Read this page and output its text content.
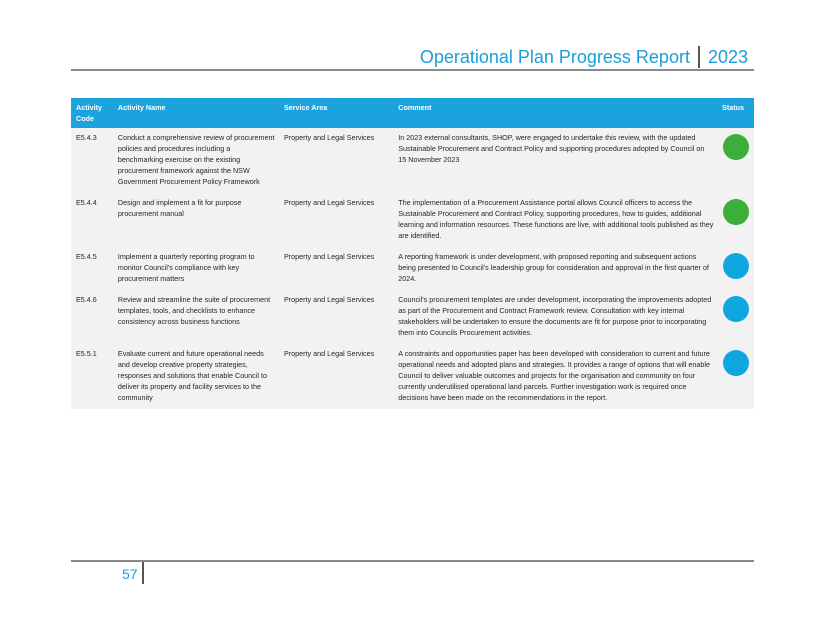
Operational Plan Progress Report	2023
Activity Code	Activity Name	Service Area	Comment	Status
E5.4.3	Conduct a comprehensive review of procurement policies and procedures including a benchmarking exercise on the existing procurement framework against the NSW Government Procurement Policy Framework	Property and Legal Services	In 2023 external consultants, SHOP, were engaged to undertake this review, with the updated Sustainable Procurement and Contract Policy and supporting procedures adopted by Council on 15 November 2023	
E5.4.4	Design and implement a fit for purpose procurement manual	Property and Legal Services	The implementation of a Procurement Assistance portal allows Council officers to access the Sustainable Procurement and Contract Policy, supporting procedures, how to guides, additional learning and information resources. These functions are live, with additional tools published as they are identified.	
E5.4.5	Implement a quarterly reporting program to monitor Council's compliance with key procurement matters	Property and Legal Services	A reporting framework is under development, with proposed reporting and subsequent actions being presented to Council's leadership group for consideration and approval in the first quarter of 2024.	
E5.4.6	Review and streamline the suite of procurement templates, tools, and checklists to enhance consistency across business functions	Property and Legal Services	Council's procurement templates are under development, incorporating the improvements adopted as part of the Procurement and Contract Framework review. Consultation with key internal stakeholders will be undertaken to ensure the documents are fit for purpose prior to incorporating them into Councils Procurement activities.	
E5.5.1	Evaluate current and future operational needs and develop creative property strategies, responses and solutions that enable Council to deliver its property and facility services to the community	Property and Legal Services	A constraints and opportunities paper has been developed with consideration to current and future operational needs and adopted plans and strategies. It provides a range of options that will enable Council to deliver valuable outcomes and projects for the organisation and community on four currently underutilised operational land parcels. Further investigation work is required once decisions have been made on the recommendations in the report.	
57
